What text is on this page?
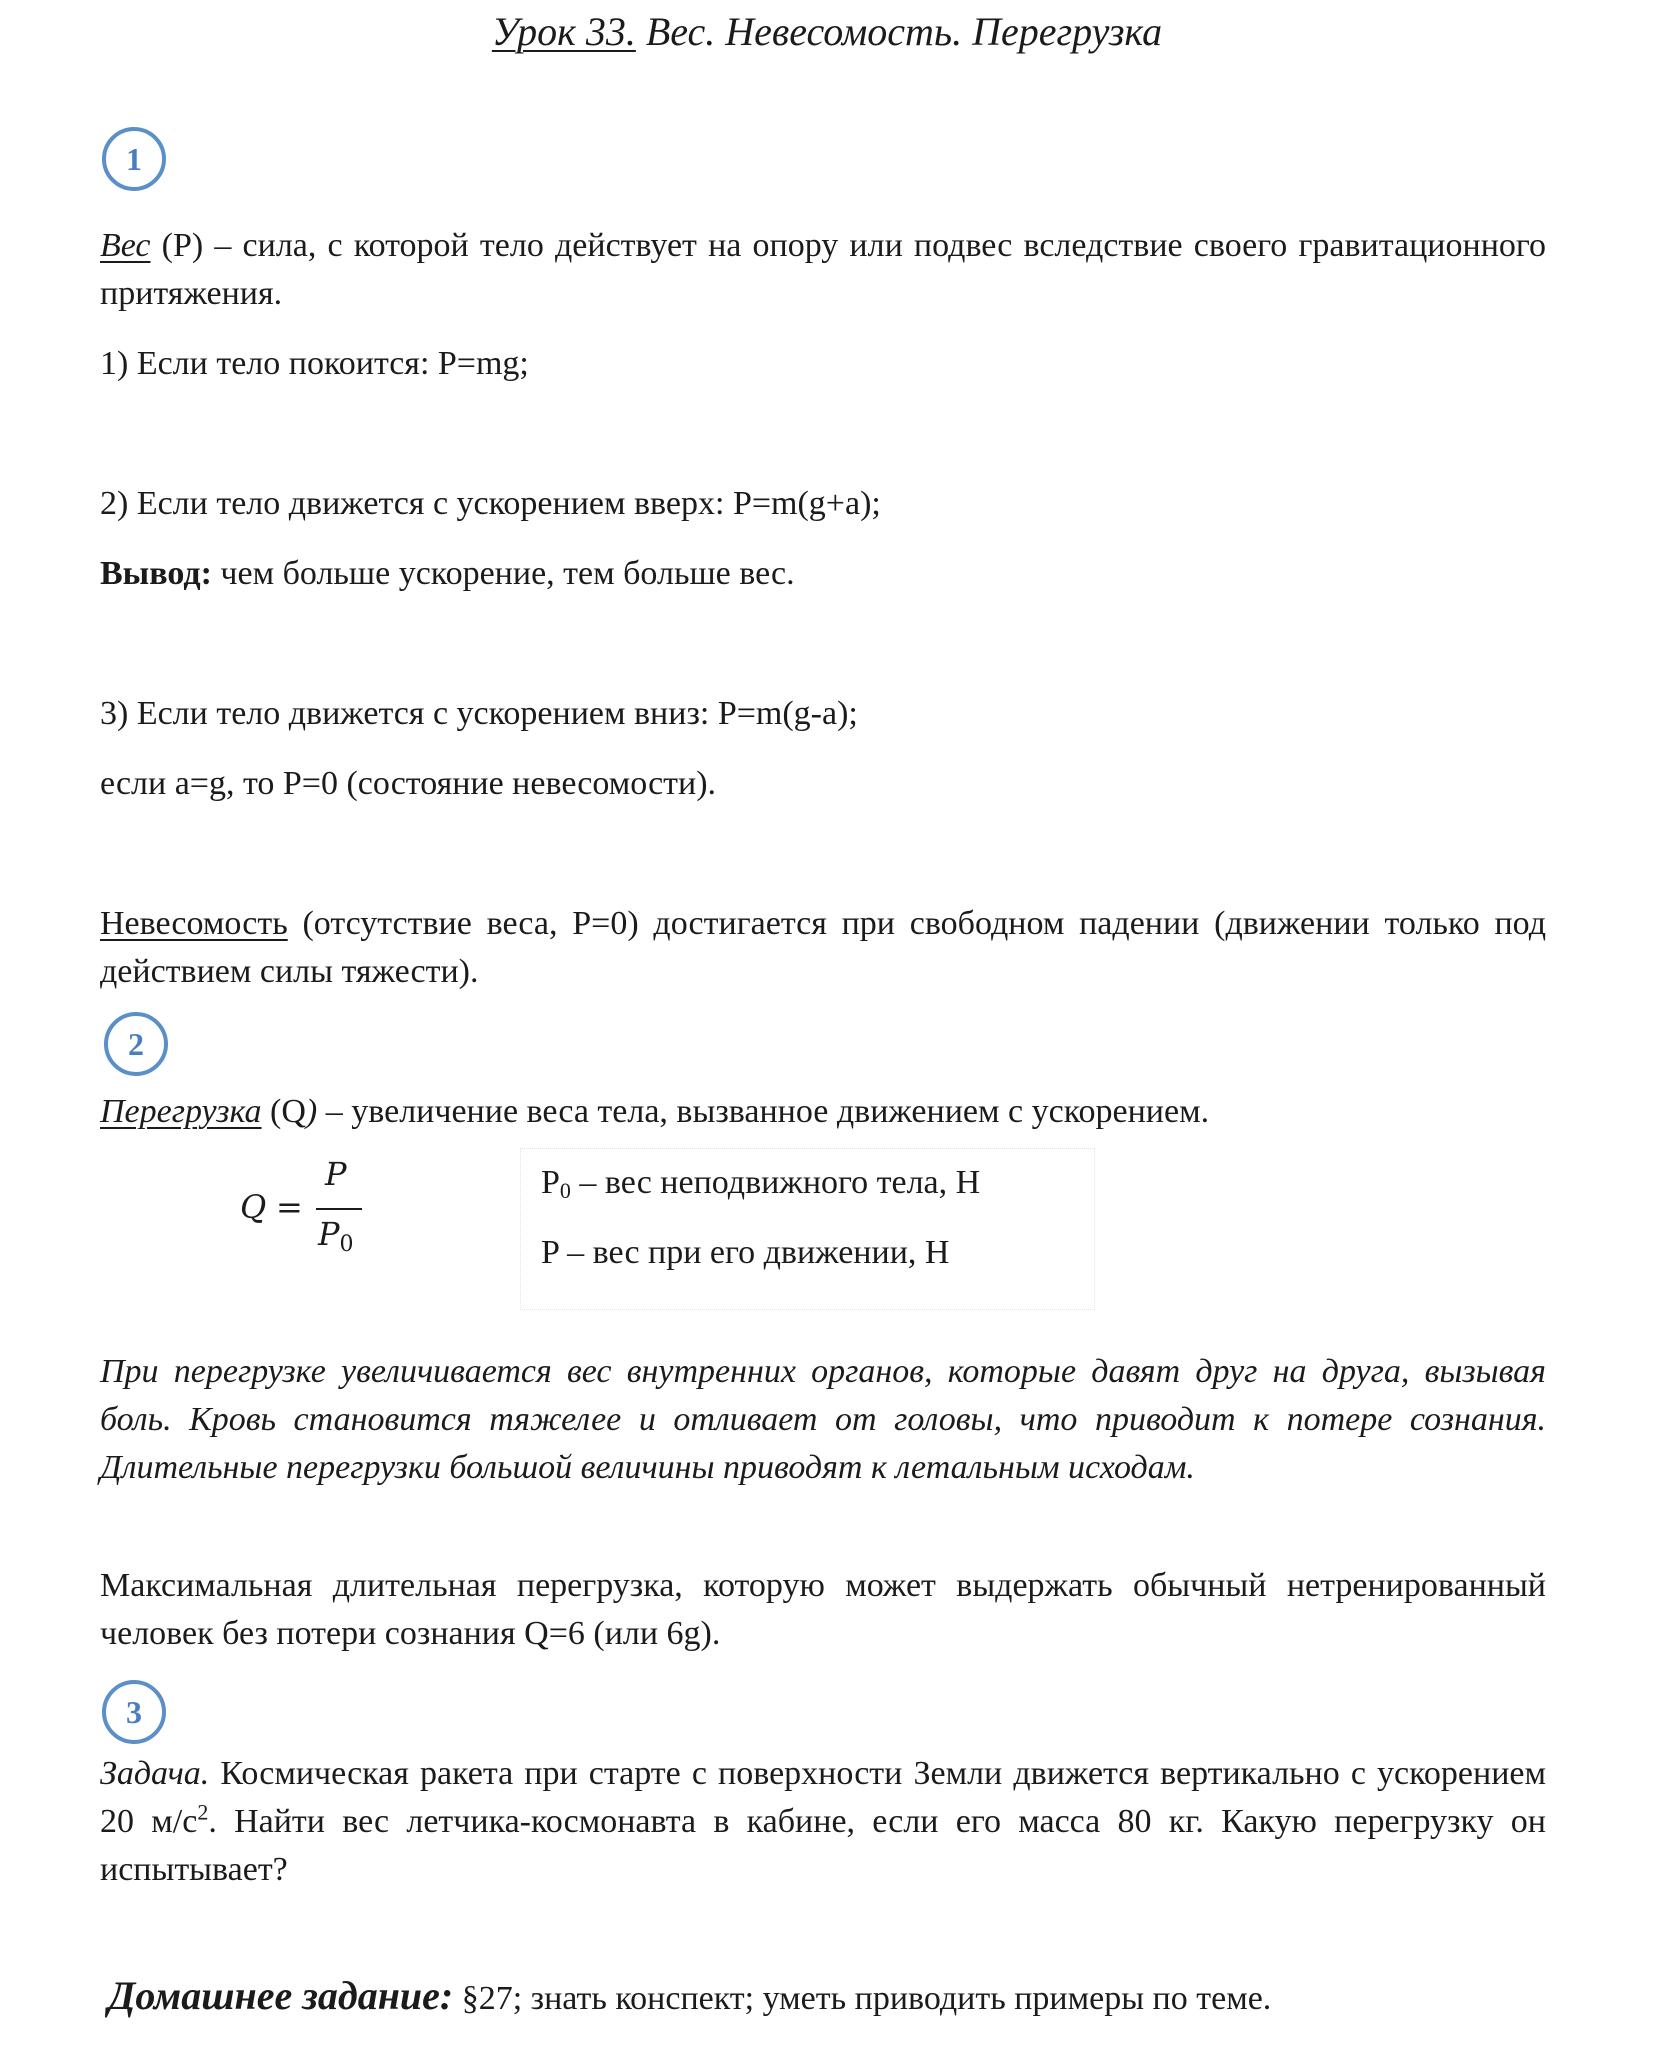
Урок 33. Вес. Невесомость. Перегрузка
1
Вес (P) – сила, с которой тело действует на опору или подвес вследствие своего гравитационного притяжения.
1) Если тело покоится: P=mg;
2) Если тело движется с ускорением вверх: P=m(g+a);
Вывод: чем больше ускорение, тем больше вес.
3) Если тело движется с ускорением вниз: P=m(g-a);
если a=g, то P=0 (состояние невесомости).
Невесомость (отсутствие веса, P=0) достигается при свободном падении (движении только под действием силы тяжести).
2
Перегрузка (Q) – увеличение веса тела, вызванное движением с ускорением.
Q =
P
$P_0$
$P_0$ – вес неподвижного тела, Н
P – вес при его движении, Н
При перегрузке увеличивается вес внутренних органов, которые давят друг на друга, вызывая боль. Кровь становится тяжелее и отливает от головы, что приводит к потере сознания. Длительные перегрузки большой величины приводят к летальным исходам.
Максимальная длительная перегрузка, которую может выдержать обычный нетренированный человек без потери сознания Q=6 (или 6g).
3
Задача. Космическая ракета при старте с поверхности Земли движется вертикально с ускорением 20 $м/с^2$. Найти вес летчика-космонавта в кабине, если его масса 80 кг. Какую перегрузку он испытывает?
Домашнее задание: §27; знать конспект; уметь приводить примеры по теме.
